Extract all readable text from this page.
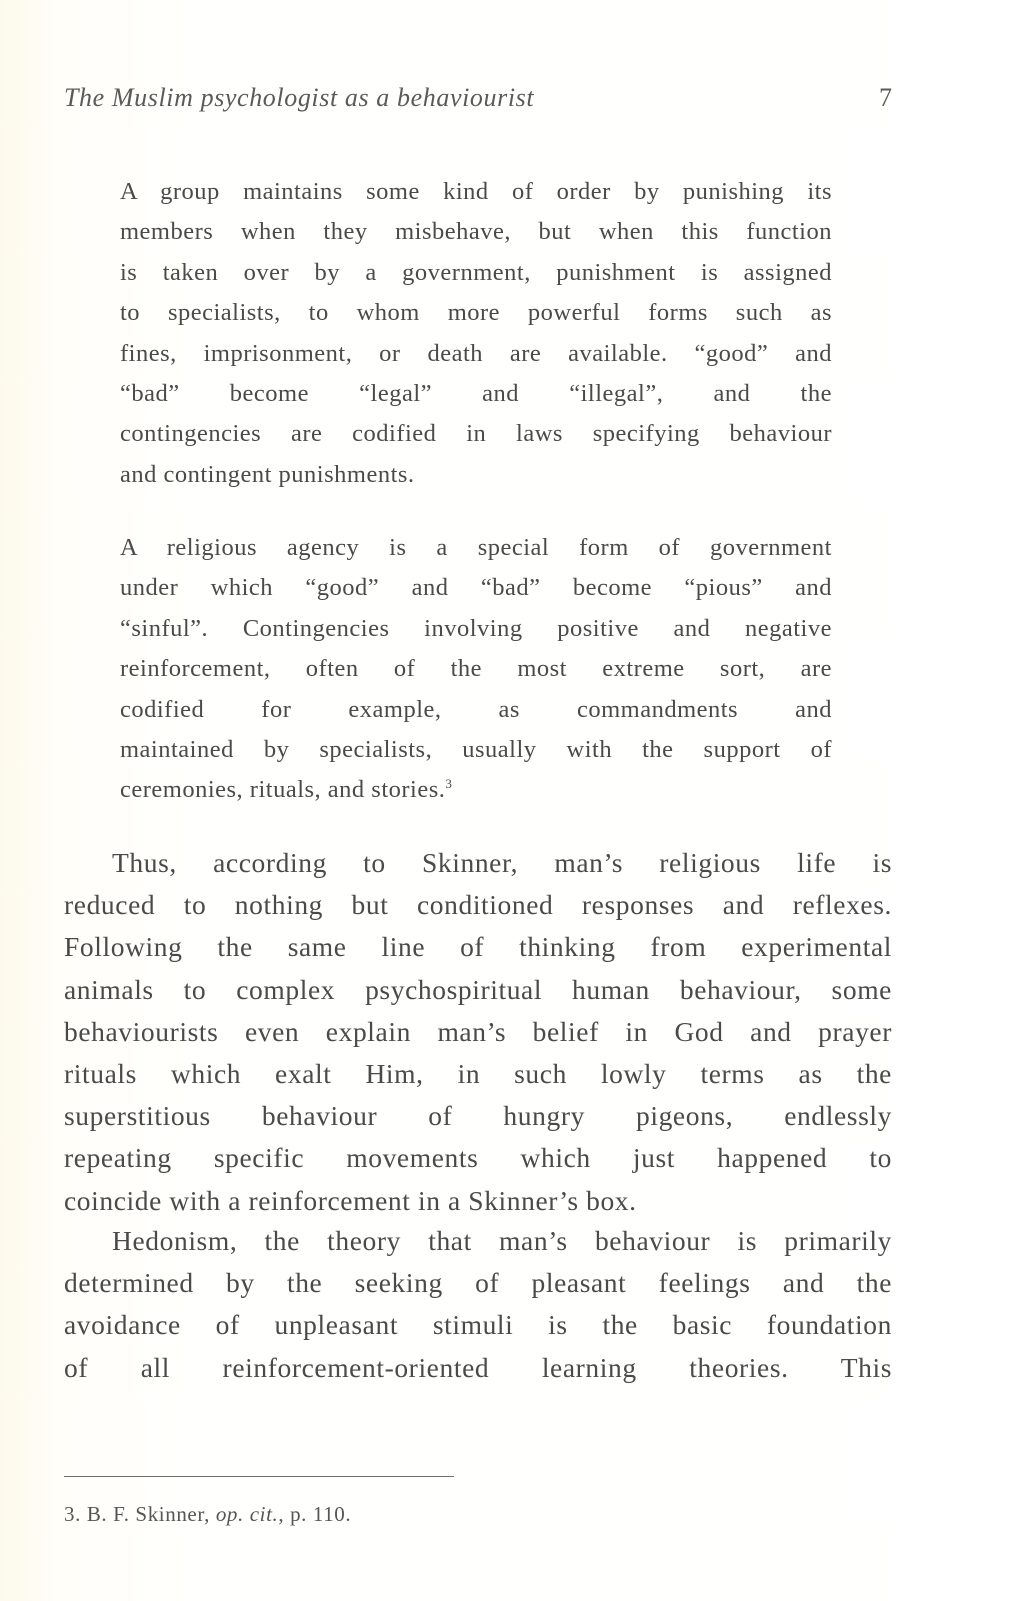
The Muslim psychologist as a behaviourist	7
A group maintains some kind of order by punishing its
members when they misbehave, but when this function
is taken over by a government, punishment is assigned
to specialists, to whom more powerful forms such as
fines, imprisonment, or death are available. “good” and
“bad” become “legal” and “illegal”, and the
contingencies are codified in laws specifying behaviour
and contingent punishments.
A religious agency is a special form of government
under which “good” and “bad” become “pious” and
“sinful”. Contingencies involving positive and negative
reinforcement, often of the most extreme sort, are
codified for example, as commandments and
maintained by specialists, usually with the support of
ceremonies, rituals, and stories.$^3$
Thus, according to Skinner, man’s religious life is
reduced to nothing but conditioned responses and reflexes.
Following the same line of thinking from experimental
animals to complex psychospiritual human behaviour, some
behaviourists even explain man’s belief in God and prayer
rituals which exalt Him, in such lowly terms as the
superstitious behaviour of hungry pigeons, endlessly
repeating specific movements which just happened to
coincide with a reinforcement in a Skinner’s box.
Hedonism, the theory that man’s behaviour is primarily
determined by the seeking of pleasant feelings and the
avoidance of unpleasant stimuli is the basic foundation
of all reinforcement-oriented learning theories. This
3. B. F. Skinner, op. cit., p. 110.
